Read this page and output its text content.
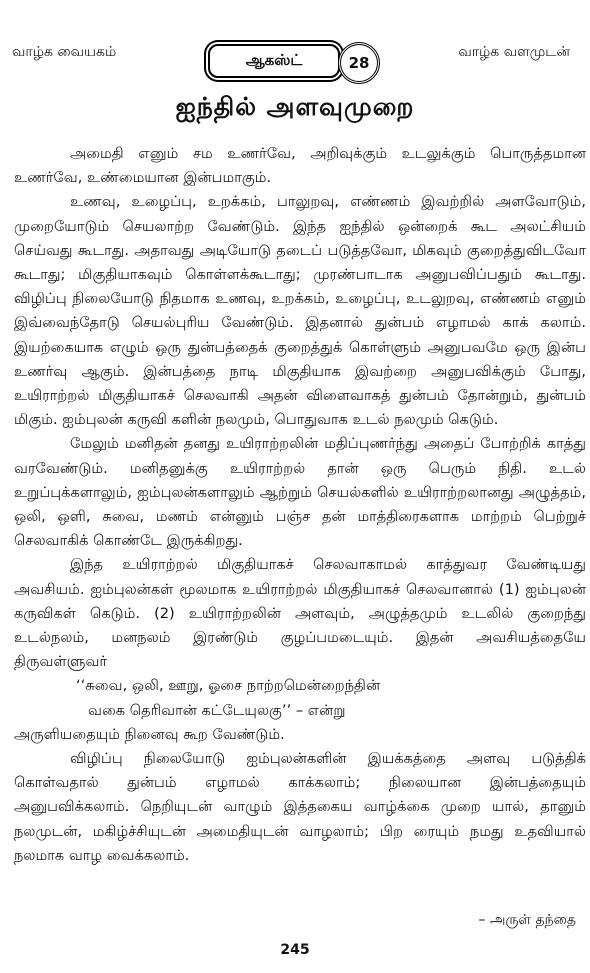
வாழ்க வையகம்	ஆகஸ்ட்	28
வாழ்க வளமுடன்
ஐந்தில் அளவுமுறை

அமைதி எனும் சம உணர்வே, அறிவுக்கும் உடலுக்கும் பொருத்தமான உணர்வே, உண்மையான இன்பமாகும்.

உணவு, உழைப்பு, உறக்கம், பாலுறவு, எண்ணம் இவற்றில் அளவோடும், முறையோடும் செயலாற்ற வேண்டும். இந்த ஐந்தில் ஒன்றைக் கூட அலட்சியம் செய்வது கூடாது. அதாவது அடியோடு தடைப் படுத்தவோ, மிகவும் குறைத்துவிடவோ கூடாது; மிகுதியாகவும் கொள்ளக்கூடாது; முரண்பாடாக அனுபவிப்பதும் கூடாது. விழிப்பு நிலையோடு நிதமாக உணவு, உறக்கம், உழைப்பு, உடலுறவு, எண்ணம் எனும் இவ்வைந்தோடு செயல்புரிய வேண்டும். இதனால் துன்பம் எழாமல் காக் கலாம். இயற்கையாக எழும் ஒரு துன்பத்தைக் குறைத்துக் கொள்ளும் அனுபவமே ஒரு இன்ப உணர்வு ஆகும். இன்பத்தை நாடி மிகுதியாக இவற்றை அனுபவிக்கும் போது, உயிராற்றல் மிகுதியாகச் செலவாகி அதன் விளைவாகத் துன்பம் தோன்றும், துன்பம் மிகும். ஐம்புலன் கருவி களின் நலமும், பொதுவாக உடல் நலமும் கெடும்.

மேலும் மனிதன் தனது உயிராற்றலின் மதிப்புணர்ந்து அதைப் போற்றிக் காத்து வரவேண்டும். மனிதனுக்கு உயிராற்றல் தான் ஒரு பெரும் நிதி. உடல் உறுப்புக்களாலும், ஐம்புலன்களாலும் ஆற்றும் செயல்களில் உயிராற்றலானது அழுத்தம், ஒலி, ஒளி, சுவை, மணம் என்னும் பஞ்ச தன் மாத்திரைகளாக மாற்றம் பெற்றுச் செலவாகிக் கொண்டே இருக்கிறது.

இந்த உயிராற்றல் மிகுதியாகச் செலவாகாமல் காத்துவர வேண்டியது அவசியம். ஐம்புலன்கள் மூலமாக உயிராற்றல் மிகுதியாகச் செலவானால் (1) ஐம்புலன் கருவிகள் கெடும். (2) உயிராற்றலின் அளவும், அழுத்தமும் உடலில் குறைந்து உடல்நலம், மனநலம் இரண்டும் குழப்பமடையும். இதன் அவசியத்தையே திருவள்ளுவர்

‘‘சுவை, ஒலி, ஊறு, ஓசை நாற்றமென்றைந்தின்
வகை தெரிவான் கட்டேயுலகு’’ – என்று

அருளியதையும் நினைவு கூற வேண்டும்.

விழிப்பு நிலையோடு ஐம்புலன்களின் இயக்கத்தை அளவு படுத்திக் கொள்வதால் துன்பம் எழாமல் காக்கலாம்; நிலையான இன்பத்தையும் அனுபவிக்கலாம். நெறியுடன் வாழும் இத்தகைய வாழ்க்கை முறை யால், தானும் நலமுடன், மகிழ்ச்சியுடன் அமைதியுடன் வாழலாம்; பிற ரையும் நமது உதவியால் நலமாக வாழ வைக்கலாம்.

– அருள் தந்தை
245
